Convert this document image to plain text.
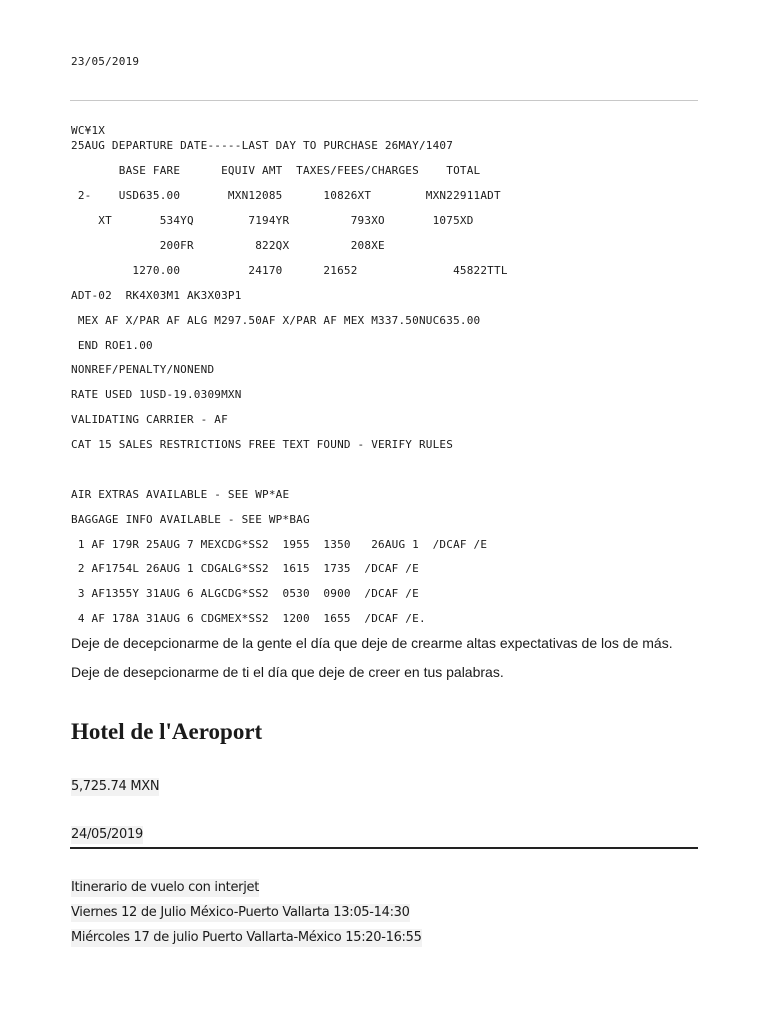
23/05/2019
WC¥1X
25AUG DEPARTURE DATE-----LAST DAY TO PURCHASE 26MAY/1407
BASE FARE      EQUIV AMT  TAXES/FEES/CHARGES    TOTAL
2-    USD635.00       MXN12085      10826XT        MXN22911ADT
XT       534YQ        7194YR         793XO       1075XD
200FR         822QX         208XE
1270.00          24170      21652              45822TTL
ADT-02  RK4X03M1 AK3X03P1
MEX AF X/PAR AF ALG M297.50AF X/PAR AF MEX M337.50NUC635.00
END ROE1.00
NONREF/PENALTY/NONEND
RATE USED 1USD-19.0309MXN
VALIDATING CARRIER - AF
CAT 15 SALES RESTRICTIONS FREE TEXT FOUND - VERIFY RULES
AIR EXTRAS AVAILABLE - SEE WP*AE
BAGGAGE INFO AVAILABLE - SEE WP*BAG
1 AF 179R 25AUG 7 MEXCDG*SS2  1955  1350   26AUG 1  /DCAF /E
2 AF1754L 26AUG 1 CDGALG*SS2  1615  1735  /DCAF /E
3 AF1355Y 31AUG 6 ALGCDG*SS2  0530  0900  /DCAF /E
4 AF 178A 31AUG 6 CDGMEX*SS2  1200  1655  /DCAF /E.
Deje de decepcionarme de la gente el día que deje de crearme altas expectativas de los de más.
Deje de desepcionarme de ti el día que deje de creer en tus palabras.
Hotel de l'Aeroport
5,725.74 MXN
24/05/2019
Itinerario de vuelo con interjet
Viernes 12 de Julio México-Puerto Vallarta 13:05-14:30
Miércoles 17 de julio Puerto Vallarta-México 15:20-16:55
